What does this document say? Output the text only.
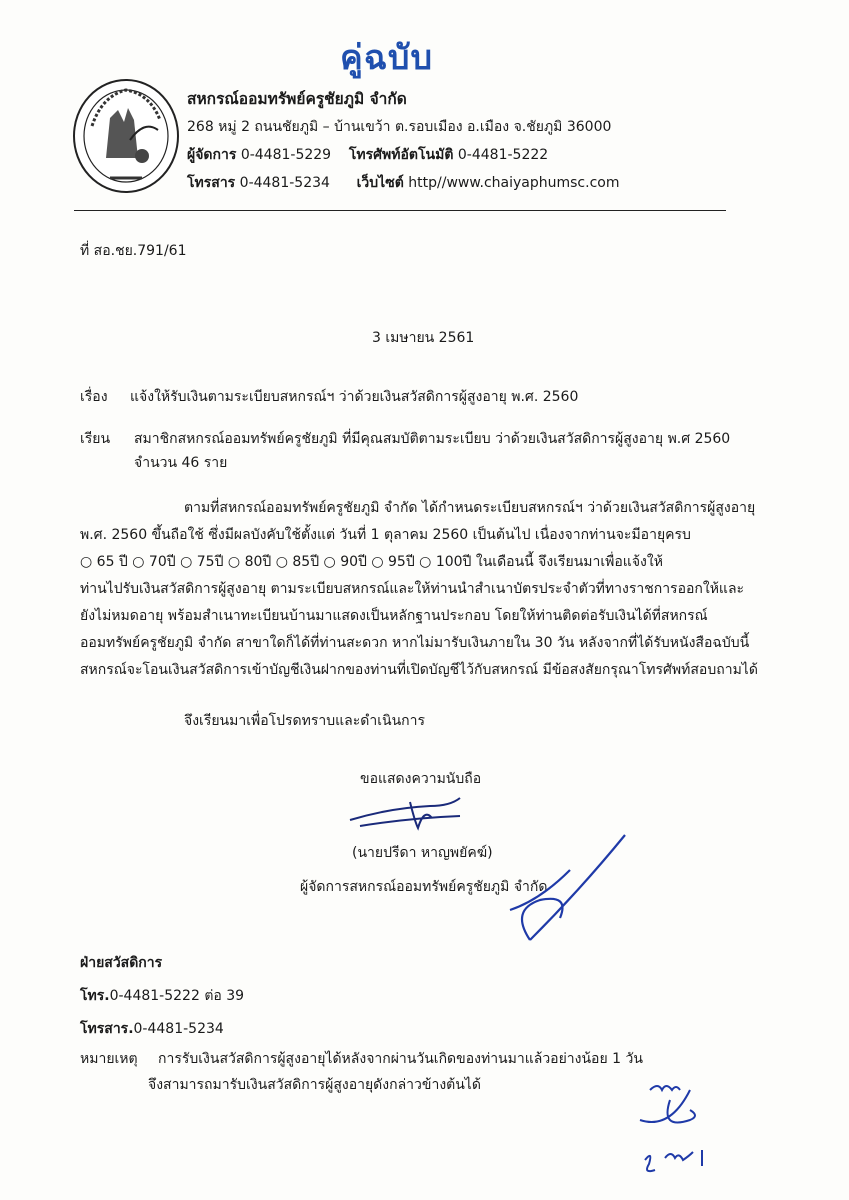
คู่ฉบับ
สหกรณ์ออมทรัพย์ครูชัยภูมิ จำกัด
268 หมู่ 2 ถนนชัยภูมิ – บ้านเขว้า ต.รอบเมือง อ.เมือง จ.ชัยภูมิ 36000
ผู้จัดการ 0-4481-5229 โทรศัพท์อัตโนมัติ 0-4481-5222
โทรสาร 0-4481-5234 เว็บไซต์ http//www.chaiyaphumsc.com
ที่ สอ.ชย.791/61
3 เมษายน 2561
เรื่อง แจ้งให้รับเงินตามระเบียบสหกรณ์ฯ ว่าด้วยเงินสวัสดิการผู้สูงอายุ พ.ศ. 2560
เรียน สมาชิกสหกรณ์ออมทรัพย์ครูชัยภูมิ ที่มีคุณสมบัติตามระเบียบ ว่าด้วยเงินสวัสดิการผู้สูงอายุ พ.ศ 2560
จำนวน 46 ราย
ตามที่สหกรณ์ออมทรัพย์ครูชัยภูมิ จำกัด ได้กำหนดระเบียบสหกรณ์ฯ ว่าด้วยเงินสวัสดิการผู้สูงอายุ
พ.ศ. 2560 ขึ้นถือใช้ ซึ่งมีผลบังคับใช้ตั้งแต่ วันที่ 1 ตุลาคม 2560 เป็นต้นไป เนื่องจากท่านจะมีอายุครบ
○ 65 ปี ○ 70ปี ○ 75ปี ○ 80ปี ○ 85ปี ○ 90ปี ○ 95ปี ○ 100ปี ในเดือนนี้ จึงเรียนมาเพื่อแจ้งให้
ท่านไปรับเงินสวัสดิการผู้สูงอายุ ตามระเบียบสหกรณ์และให้ท่านนำสำเนาบัตรประจำตัวที่ทางราชการออกให้และ
ยังไม่หมดอายุ พร้อมสำเนาทะเบียนบ้านมาแสดงเป็นหลักฐานประกอบ โดยให้ท่านติดต่อรับเงินได้ที่สหกรณ์
ออมทรัพย์ครูชัยภูมิ จำกัด สาขาใดก็ได้ที่ท่านสะดวก หากไม่มารับเงินภายใน 30 วัน หลังจากที่ได้รับหนังสือฉบับนี้
สหกรณ์จะโอนเงินสวัสดิการเข้าบัญชีเงินฝากของท่านที่เปิดบัญชีไว้กับสหกรณ์ มีข้อสงสัยกรุณาโทรศัพท์สอบถามได้
จึงเรียนมาเพื่อโปรดทราบและดำเนินการ
ขอแสดงความนับถือ
(นายปรีดา หาญพยัคฆ์)
ผู้จัดการสหกรณ์ออมทรัพย์ครูชัยภูมิ จำกัด
ฝ่ายสวัสดิการ
โทร.0-4481-5222 ต่อ 39
โทรสาร.0-4481-5234
หมายเหตุ การรับเงินสวัสดิการผู้สูงอายุได้หลังจากผ่านวันเกิดของท่านมาแล้วอย่างน้อย 1 วัน
จึงสามารถมารับเงินสวัสดิการผู้สูงอายุดังกล่าวข้างต้นได้
